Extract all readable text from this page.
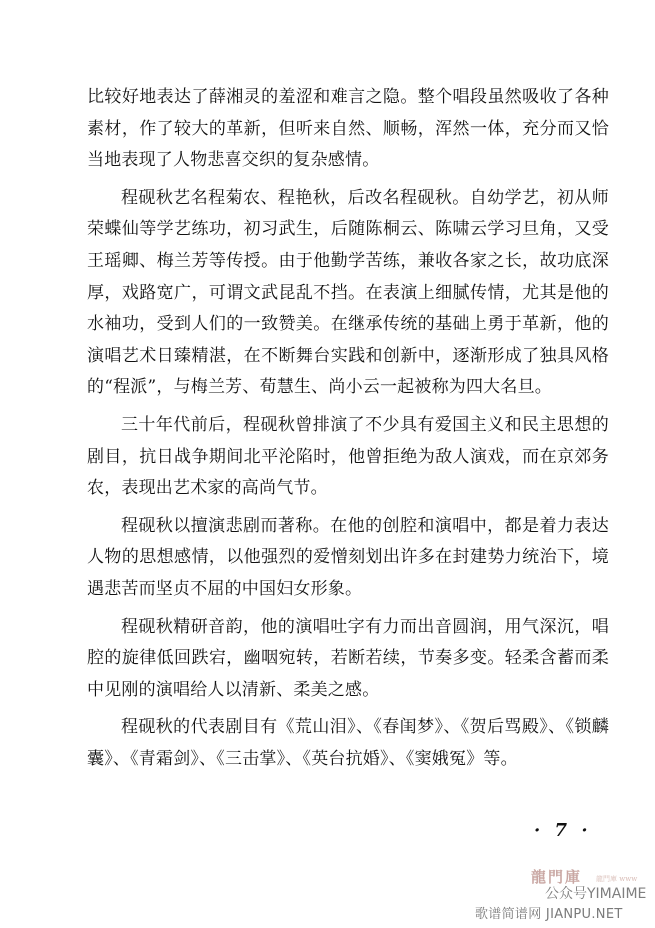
比较好地表达了薛湘灵的羞涩和难言之隐。整个唱段虽然吸收了各种素材，作了较大的革新，但听来自然、顺畅，浑然一体，充分而又恰当地表现了人物悲喜交织的复杂感情。

程砚秋艺名程菊农、程艳秋，后改名程砚秋。自幼学艺，初从师荣蝶仙等学艺练功，初习武生，后随陈桐云、陈啸云学习旦角，又受王瑶卿、梅兰芳等传授。由于他勤学苦练，兼收各家之长，故功底深厚，戏路宽广，可谓文武昆乱不挡。在表演上细腻传情，尤其是他的水袖功，受到人们的一致赞美。在继承传统的基础上勇于革新，他的演唱艺术日臻精湛，在不断舞台实践和创新中，逐渐形成了独具风格的“程派”，与梅兰芳、荀慧生、尚小云一起被称为四大名旦。

三十年代前后，程砚秋曾排演了不少具有爱国主义和民主思想的剧目，抗日战争期间北平沦陷时，他曾拒绝为敌人演戏，而在京郊务农，表现出艺术家的高尚气节。

程砚秋以擅演悲剧而著称。在他的创腔和演唱中，都是着力表达人物的思想感情，以他强烈的爱憎刻划出许多在封建势力统治下，境遇悲苦而坚贞不屈的中国妇女形象。

程砚秋精研音韵，他的演唱吐字有力而出音圆润，用气深沉，唱腔的旋律低回跌宕，幽咽宛转，若断若续，节奏多变。轻柔含蓄而柔中见刚的演唱给人以清新、柔美之感。

程砚秋的代表剧目有《荒山泪》、《春闺梦》、《贺后骂殿》、《锁麟囊》、《青霜剑》、《三击掌》、《英台抗婚》、《窦娥冤》等。

· 7 ·
龍門庫 龍門庫 www
公众号YIMAIME
歌谱简谱网 JIANPU.NET
